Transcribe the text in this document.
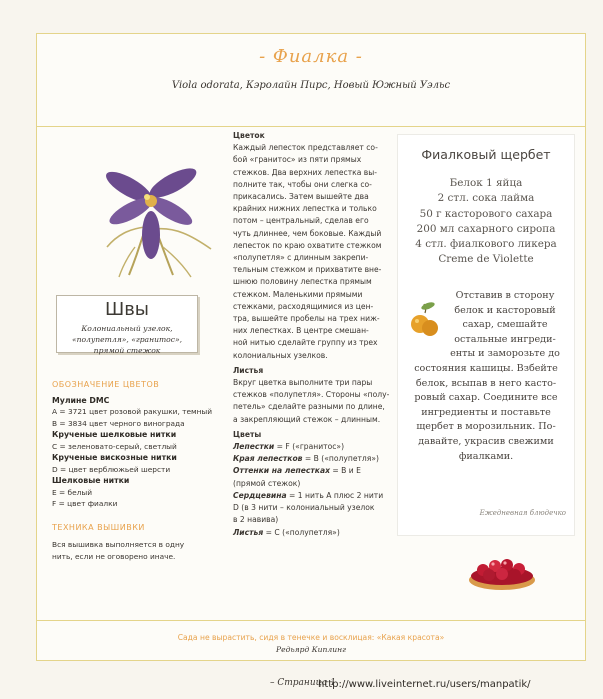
- Фиалка -
Viola odorata, Кэролайн Пирс, Новый Южный Уэльс
Швы
Колониальный узелок, «полупетля», «гранитос», прямой стежок
ОБОЗНАЧЕНИЕ ЦВЕТОВ
Мулине DMC
A = 3721 цвет розовой ракушки, темный
B = 3834 цвет черного винограда
Крученые шелковые нитки
C = зеленовато-серый, светлый
Крученые вискозные нитки
D = цвет верблюжьей шерсти
Шелковые нитки
E = белый
F = цвет фиалки
ТЕХНИКА ВЫШИВКИ
Вся вышивка выполняется в одну
нить, если не оговорено иначе.
Цветок
Каждый лепесток представляет со-
бой «гранитос» из пяти прямых
стежков. Два верхних лепестка вы-
полните так, чтобы они слегка со-
прикасались. Затем вышейте два
крайних нижних лепестка и только
потом – центральный, сделав его
чуть длиннее, чем боковые. Каждый
лепесток по краю охватите стежком
«полупетля» с длинным закрепи-
тельным стежком и прихватите вне-
шнюю половину лепестка прямым
стежком. Маленькими прямыми
стежками, расходящимися из цен-
тра, вышейте пробелы на трех ниж-
них лепестках. В центре смешан-
ной нитью сделайте группу из трех
колониальных узелков.
Листья
Вкруг цветка выполните три пары
стежков «полупетля». Стороны «полу-
петель» сделайте разными по длине,
а закрепляющий стежок – длинным.
Цветы
Лепестки = F («гранитос»)
Края лепестков = B («полупетля»)
Оттенки на лепестках = B и E
(прямой стежок)
Сердцевина = 1 нить A плюс 2 нити
D (в 3 нити – колониальный узелок
в 2 навива)
Листья = C («полупетля»)
Фиалковый щербет
Белок 1 яйца
2 стл. сока лайма
50 г касторового сахара
200 мл сахарного сиропа
4 стл. фиалкового ликера
Creme de Violette
Отставив в сторону
белок и касторовый
сахар, смешайте
остальные ингреди-
енты и заморозьте до
состояния кашицы. Взбейте
белок, всыпав в него касто-
ровый сахар. Соедините все
ингредиенты и поставьте
щербет в морозильник. По-
давайте, украсив свежими
фиалками.
Ежедневная блюдечко
Сада не вырастить, сидя в тенечке и восклицая: «Какая красота»
Редьярд Киплинг
– Страница 1
http://www.liveinternet.ru/users/manpatik/
